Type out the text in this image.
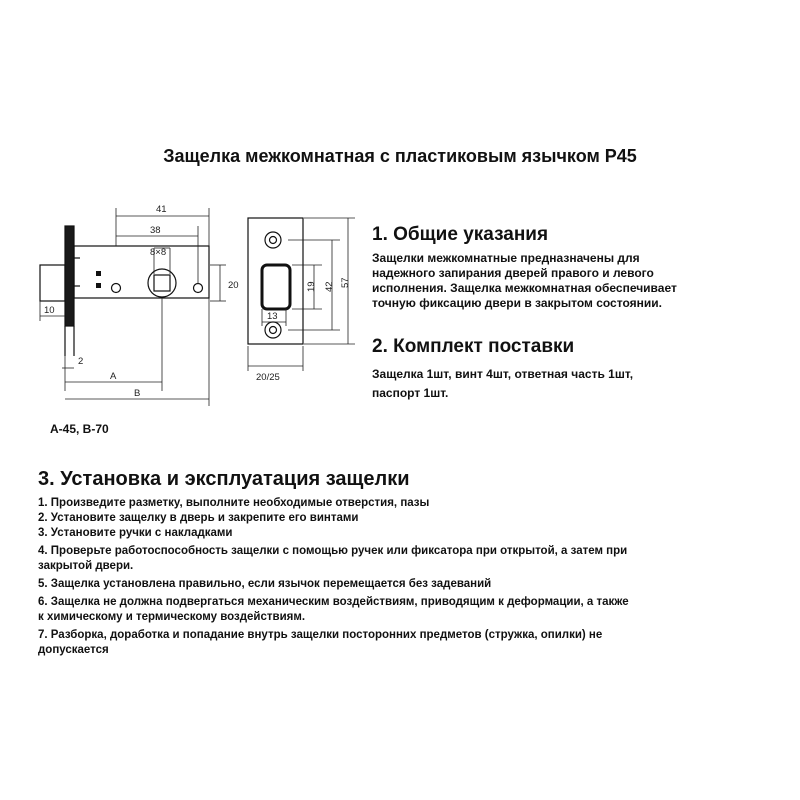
Защелка межкомнатная с пластиковым язычком Р45
41
38
8×8
20
10
2
A
B
19 42 57
13
20/25
А-45, В-70
1. Общие указания
Защелки межкомнатные предназначены для
надежного запирания дверей правого и левого
исполнения. Защелка межкомнатная обеспечивает
точную фиксацию двери в закрытом состоянии.
2. Комплект поставки
Защелка 1шт, винт 4шт, ответная часть 1шт,
паспорт 1шт.
3. Установка и эксплуатация защелки
1. Произведите разметку, выполните необходимые отверстия, пазы
2. Установите защелку в дверь и закрепите его винтами
3. Установите ручки с накладками
4. Проверьте работоспособность защелки с помощью ручек или фиксатора при открытой, а затем при
закрытой двери.
5. Защелка установлена правильно, если язычок перемещается без задеваний
6. Защелка не должна подвергаться механическим воздействиям, приводящим к деформации, а также
к химическому и термическому воздействиям.
7. Разборка, доработка и попадание внутрь защелки посторонних предметов (стружка, опилки) не
допускается
